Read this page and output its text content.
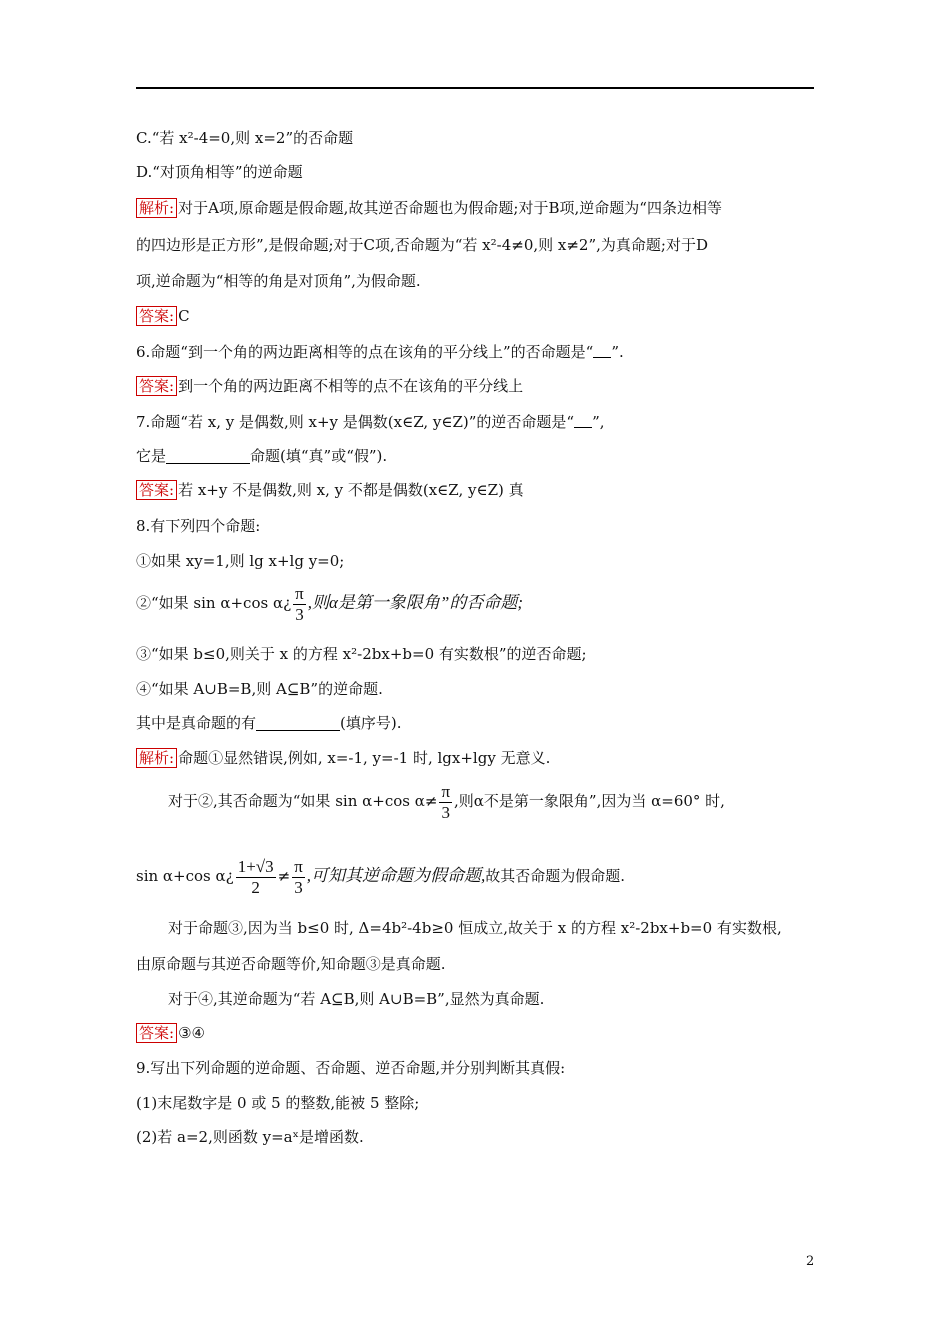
C.“若 x²-4=0,则 x=2”的否命题
D.“对顶角相等”的逆命题
解析: 对于A项,原命题是假命题,故其逆否命题也为假命题;对于B项,逆命题为“四条边相等
的四边形是正方形”,是假命题;对于C项,否命题为“若 x²-4≠0,则 x≠2”,为真命题;对于D
项,逆命题为“相等的角是对顶角”,为假命题.
答案: C
6.命题“到一个角的两边距离相等的点在该角的平分线上”的否命题是“ ”.
答案: 到一个角的两边距离不相等的点不在该角的平分线上
7.命题“若 x, y 是偶数,则 x+y 是偶数(x∈Z, y∈Z)”的逆否命题是“ ”,
它是	命题(填“真”或“假”).
答案: 若 x+y 不是偶数,则 x, y 不都是偶数(x∈Z, y∈Z) 真
8.有下列四个命题:
①如果 xy=1,则 lg x+lg y=0;
②“如果 sin α+cos α¿ $\frac{\pi}{3}$ ,则α是第一象限角”的否命题;
③“如果 b≤0,则关于 x 的方程 x²-2bx+b=0 有实数根”的逆否命题;
④“如果 A∪B=B,则 A⊆B”的逆命题.
其中是真命题的有	(填序号).
解析: 命题①显然错误,例如, x=-1, y=-1 时, lgx+lgy 无意义.
对于②,其否命题为“如果 sin α+cos $\alpha\ne \frac{\pi}{3}$ ,则α不是第一象限角”,因为当 α=60° 时,
sin α+cos α¿ $\frac{1+√3}{2} \ne \frac{\pi}{3}$ ,可知其逆命题为假命题,故其否命题为假命题.
对于命题③,因为当 b≤0 时, Δ=4b²-4b≥0 恒成立,故关于 x 的方程 x²-2bx+b=0 有实数根,
由原命题与其逆否命题等价,知命题③是真命题.
对于④,其逆命题为“若 A⊆B,则 A∪B=B”,显然为真命题.
答案: ③④
9.写出下列命题的逆命题、否命题、逆否命题,并分别判断其真假:
(1)末尾数字是 0 或 5 的整数,能被 5 整除;
(2)若 a=2,则函数 y=aˣ是增函数.
2
